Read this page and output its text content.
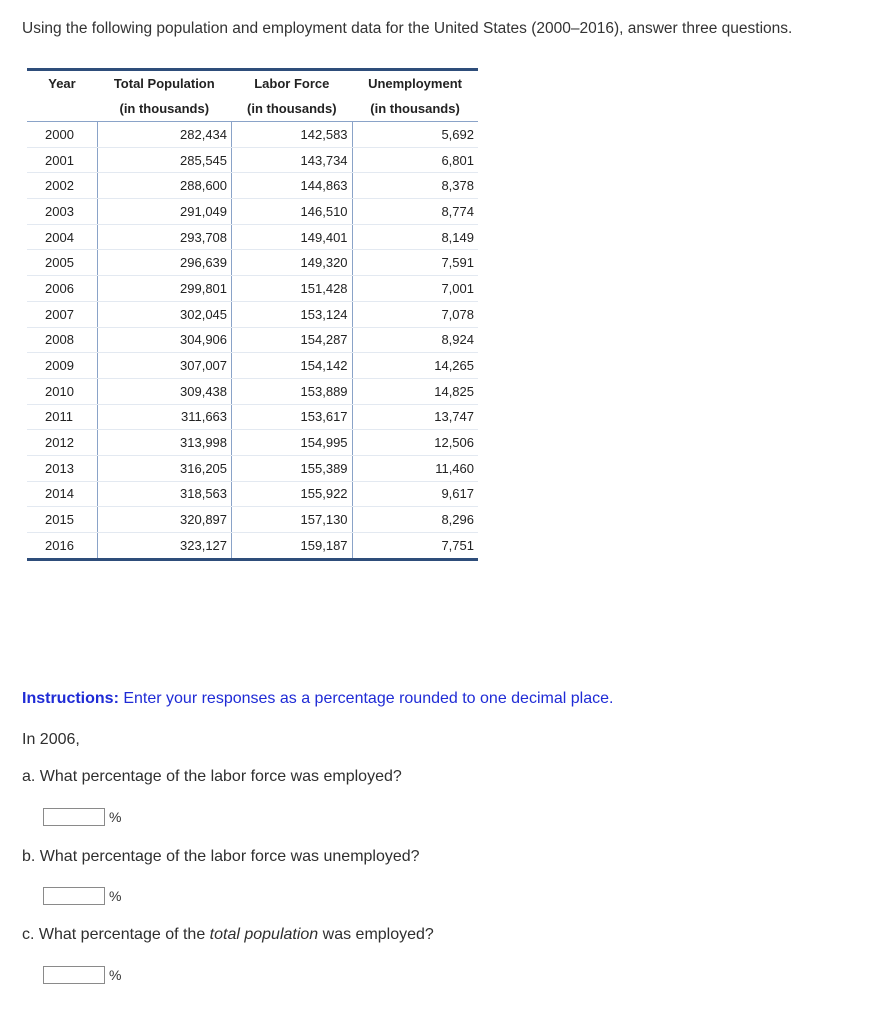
Using the following population and employment data for the United States (2000–2016), answer three questions.
Year	Total Population	Labor Force	Unemployment
	(in thousands)	(in thousands)	(in thousands)
2000	282,434	142,583	5,692
2001	285,545	143,734	6,801
2002	288,600	144,863	8,378
2003	291,049	146,510	8,774
2004	293,708	149,401	8,149
2005	296,639	149,320	7,591
2006	299,801	151,428	7,001
2007	302,045	153,124	7,078
2008	304,906	154,287	8,924
2009	307,007	154,142	14,265
2010	309,438	153,889	14,825
2011	311,663	153,617	13,747
2012	313,998	154,995	12,506
2013	316,205	155,389	11,460
2014	318,563	155,922	9,617
2015	320,897	157,130	8,296
2016	323,127	159,187	7,751
Instructions: Enter your responses as a percentage rounded to one decimal place.
In 2006,
a. What percentage of the labor force was employed?
%
b. What percentage of the labor force was unemployed?
%
c. What percentage of the total population was employed?
%
